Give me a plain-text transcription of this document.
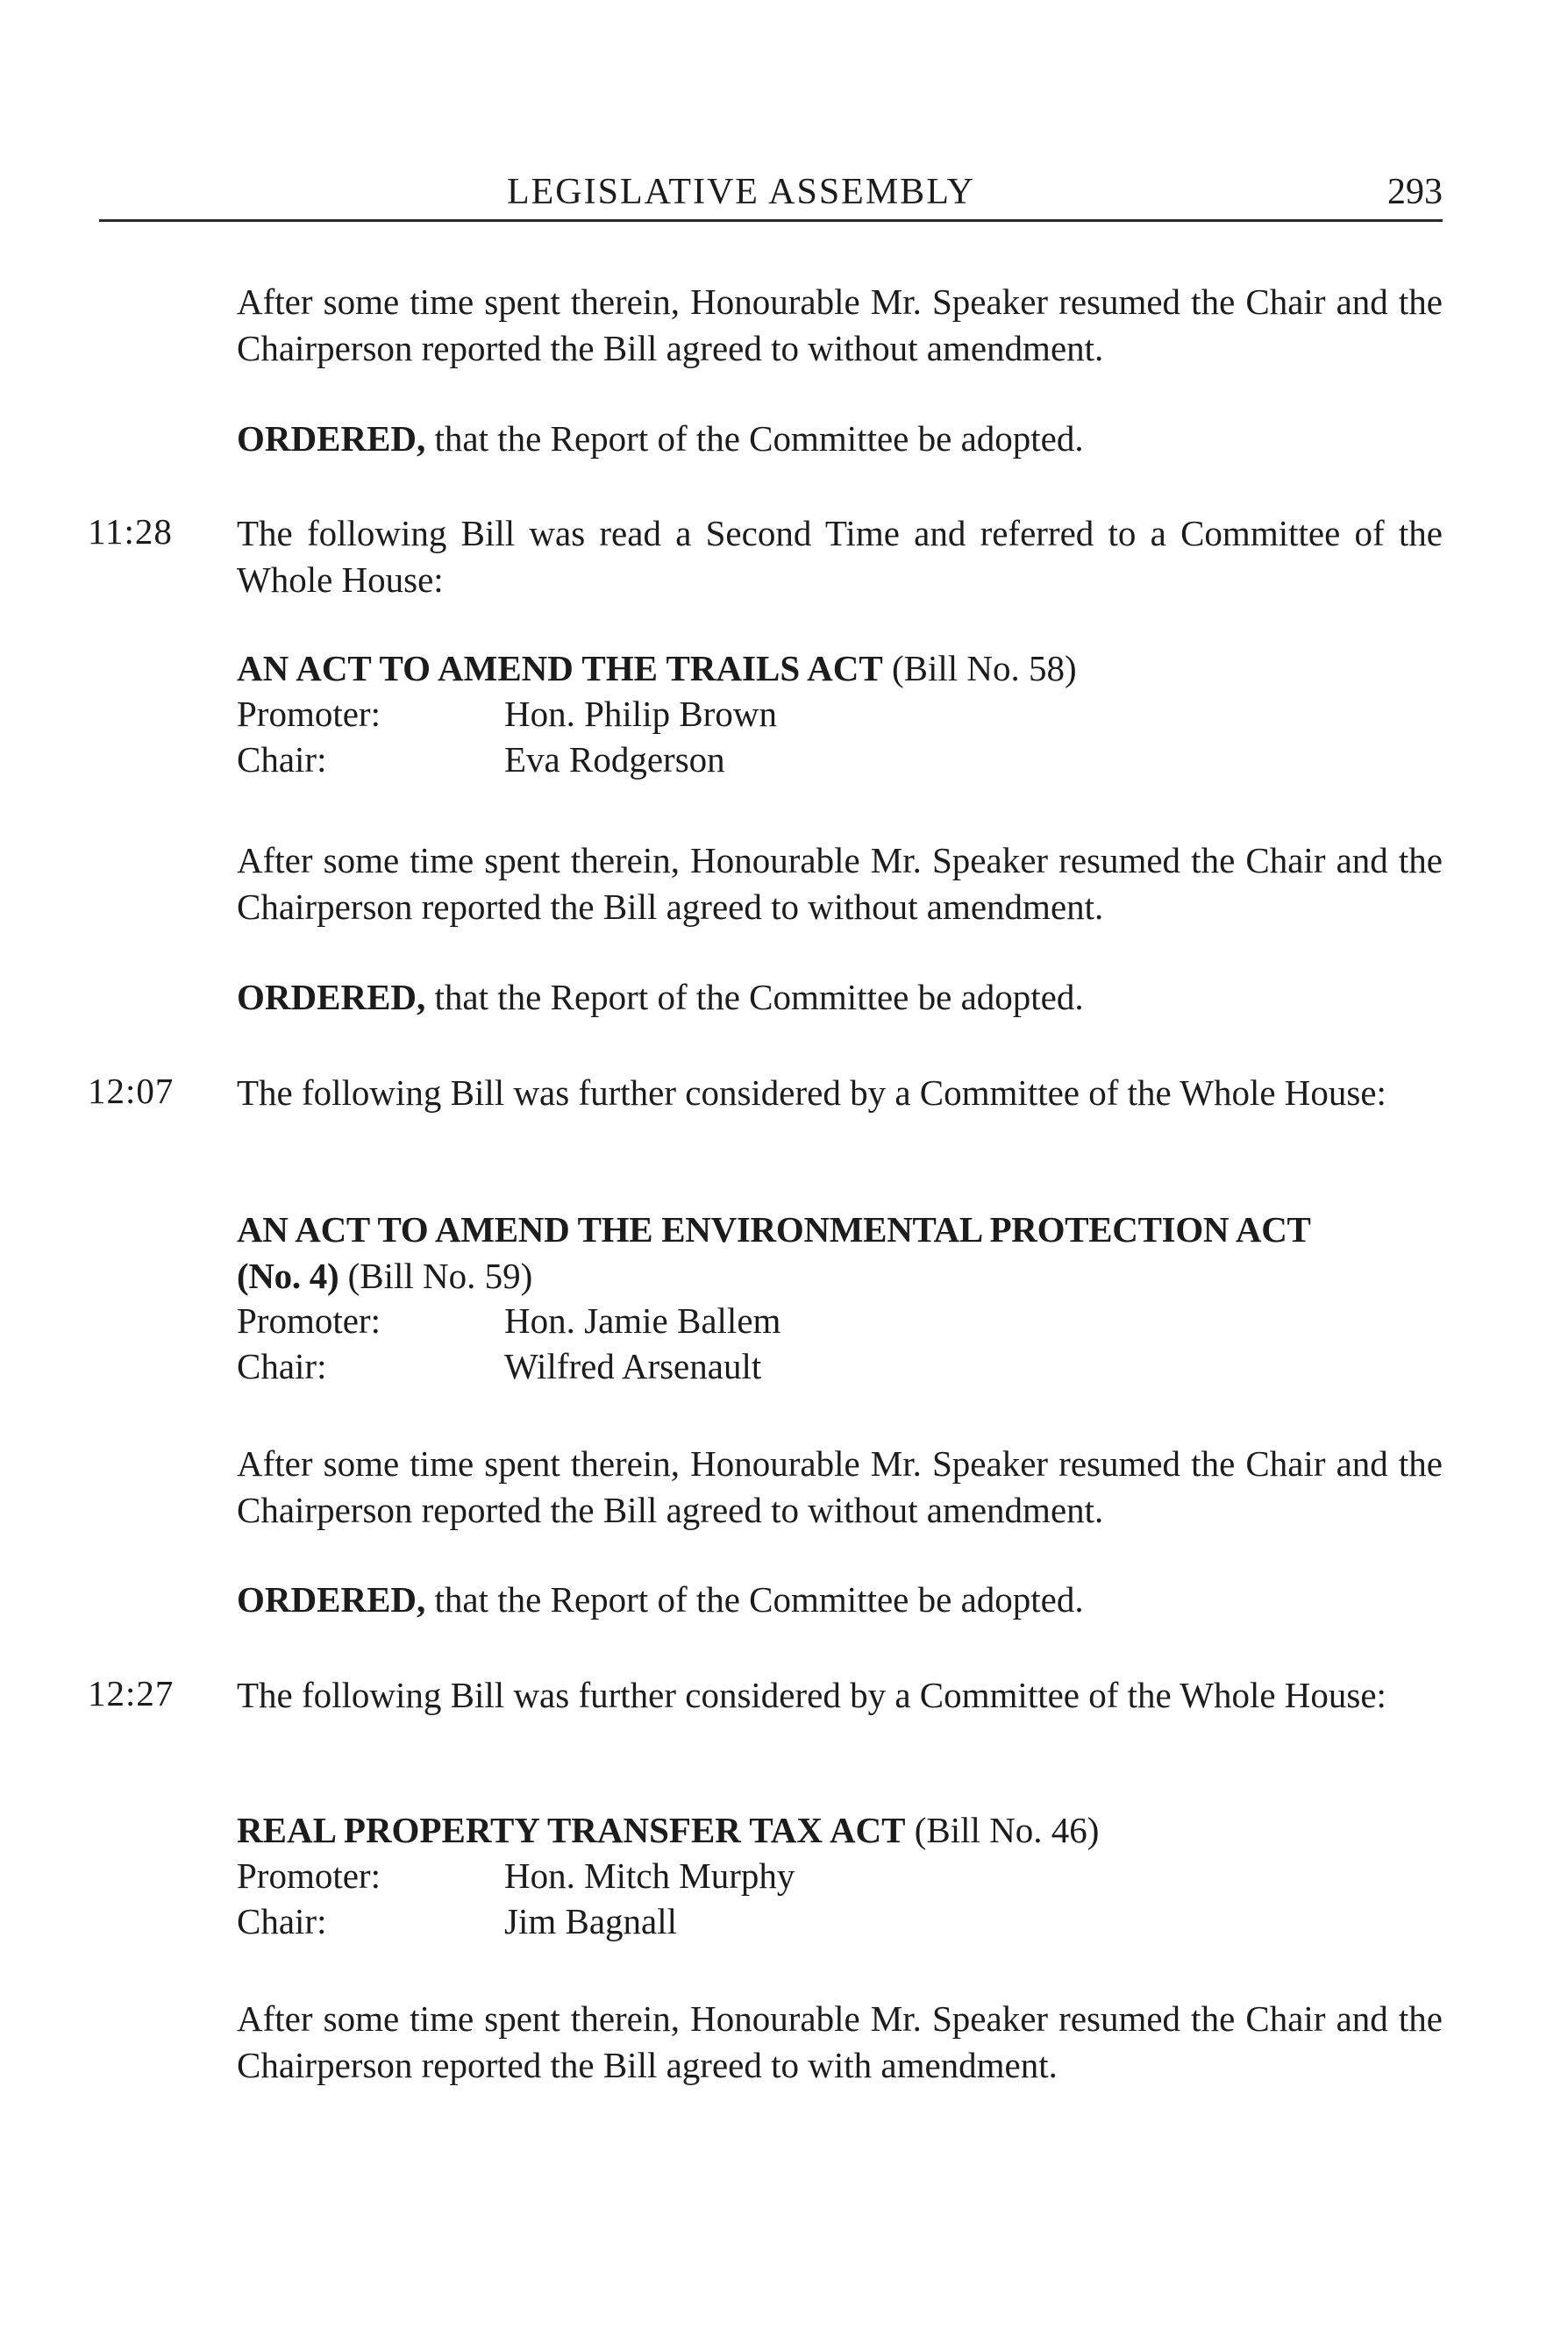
LEGISLATIVE ASSEMBLY	293
After some time spent therein, Honourable Mr. Speaker resumed the Chair and the Chairperson reported the Bill agreed to without amendment.
ORDERED, that the Report of the Committee be adopted.
11:28	The following Bill was read a Second Time and referred to a Committee of the Whole House:
AN ACT TO AMEND THE TRAILS ACT (Bill No. 58)
Promoter:	Hon. Philip Brown
Chair:	Eva Rodgerson
After some time spent therein, Honourable Mr. Speaker resumed the Chair and the Chairperson reported the Bill agreed to without amendment.
ORDERED, that the Report of the Committee be adopted.
12:07	The following Bill was further considered by a Committee of the Whole House:
AN ACT TO AMEND THE ENVIRONMENTAL PROTECTION ACT
(No. 4) (Bill No. 59)
Promoter:	Hon. Jamie Ballem
Chair:	Wilfred Arsenault
After some time spent therein, Honourable Mr. Speaker resumed the Chair and the Chairperson reported the Bill agreed to without amendment.
ORDERED, that the Report of the Committee be adopted.
12:27	The following Bill was further considered by a Committee of the Whole House:
REAL PROPERTY TRANSFER TAX ACT (Bill No. 46)
Promoter:	Hon. Mitch Murphy
Chair:	Jim Bagnall
After some time spent therein, Honourable Mr. Speaker resumed the Chair and the Chairperson reported the Bill agreed to with amendment.
